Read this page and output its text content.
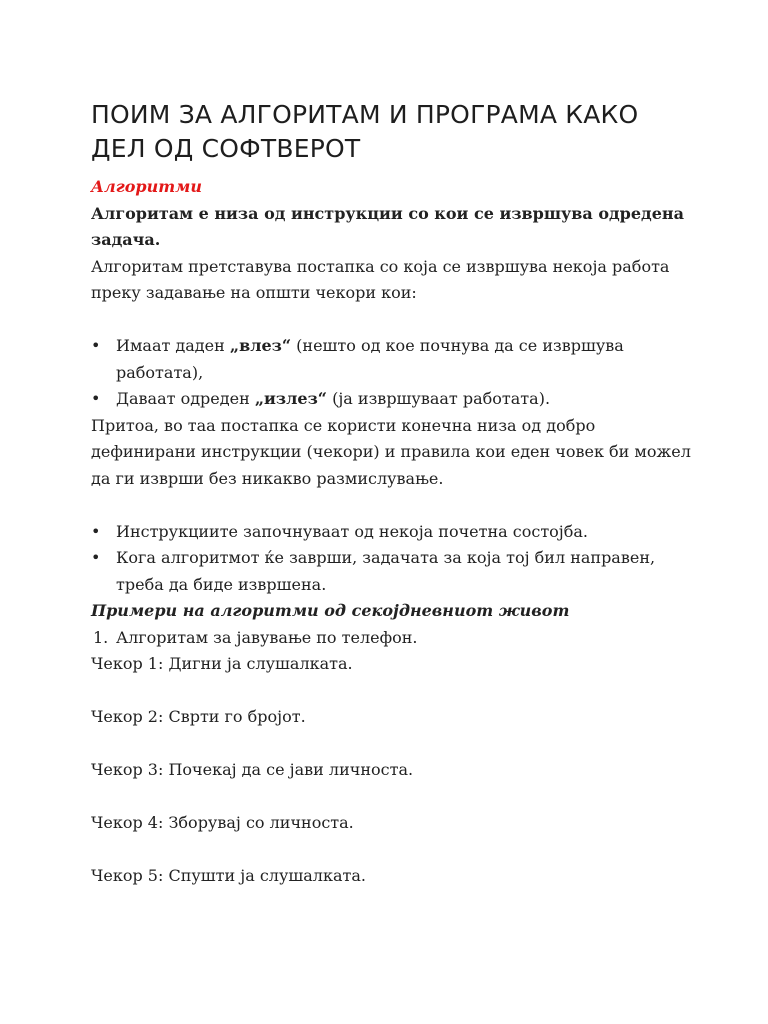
ПОИМ ЗА АЛГОРИТАМ И ПРОГРАМА КАКО ДЕЛ ОД СОФТВЕРОТ

Алгоритми

Алгоритам е низа од инструкции со кои се извршува одредена задача.

Алгоритам претставува постапка со која се извршува некоја работа преку задавање на општи чекори кои:

• Имаат даден „влез“ (нешто од кое почнува да се извршува работата),
• Даваат одреден „излез“ (ја извршуваат работата).

Притоа, во таа постапка се користи конечна низа од добро дефинирани инструкции (чекори) и правила кои еден човек би можел да ги изврши без никакво размислување.

• Инструкциите започнуваат од некоја почетна состојба.
• Кога алгоритмот ќе заврши, задачата за која тој бил направен, треба да биде извршена.

Примери на алгоритми од секојдневниот живот

1. Алгоритам за јавување по телефон.

Чекор 1: Дигни ја слушалката.

Чекор 2: Сврти го бројот.

Чекор 3: Почекај да се јави личноста.

Чекор 4: Зборувај со личноста.

Чекор 5: Спушти ја слушалката.
